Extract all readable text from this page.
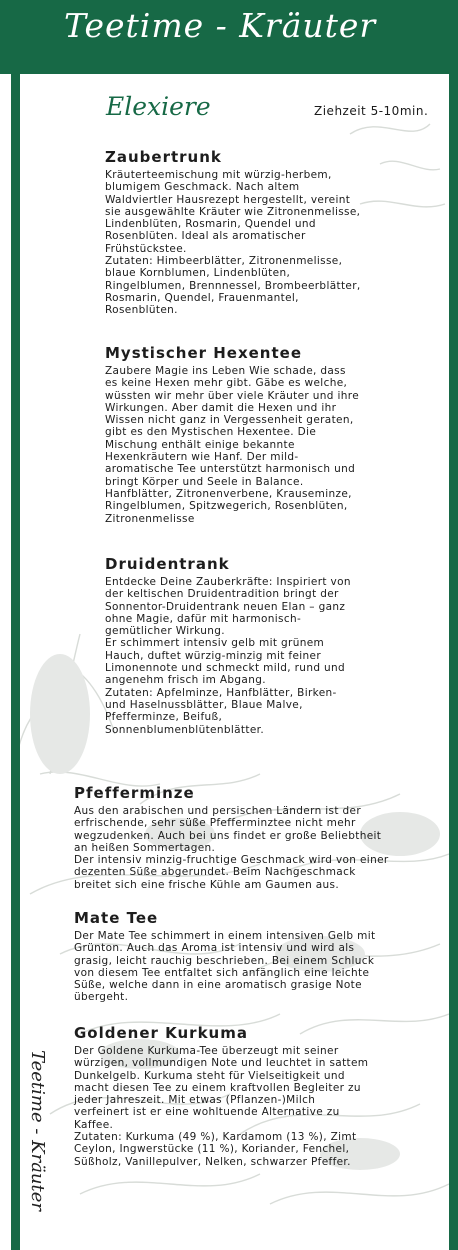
Teetime - Kräuter
Elexiere	Ziehzeit 5-10min.
Zaubertrunk

Kräuterteemischung mit würzig-herbem,
blumigem Geschmack. Nach altem
Waldviertler Hausrezept hergestellt, vereint
sie ausgewählte Kräuter wie Zitronenmelisse,
Lindenblüten, Rosmarin, Quendel und
Rosenblüten. Ideal als aromatischer
Frühstückstee.
Zutaten: Himbeerblätter, Zitronenmelisse,
blaue Kornblumen, Lindenblüten,
Ringelblumen, Brennnessel, Brombeerblätter,
Rosmarin, Quendel, Frauenmantel,
Rosenblüten.

Mystischer Hexentee

Zaubere Magie ins Leben Wie schade, dass
es keine Hexen mehr gibt. Gäbe es welche,
wüssten wir mehr über viele Kräuter und ihre
Wirkungen. Aber damit die Hexen und ihr
Wissen nicht ganz in Vergessenheit geraten,
gibt es den Mystischen Hexentee. Die
Mischung enthält einige bekannte
Hexenkräutern wie Hanf. Der mild-
aromatische Tee unterstützt harmonisch und
bringt Körper und Seele in Balance.
Hanfblätter, Zitronenverbene, Krauseminze,
Ringelblumen, Spitzwegerich, Rosenblüten,
Zitronenmelisse

Druidentrank

Entdecke Deine Zauberkräfte: Inspiriert von
der keltischen Druidentradition bringt der
Sonnentor-Druidentrank neuen Elan – ganz
ohne Magie, dafür mit harmonisch-
gemütlicher Wirkung.
Er schimmert intensiv gelb mit grünem
Hauch, duftet würzig-minzig mit feiner
Limonennote und schmeckt mild, rund und
angenehm frisch im Abgang.
Zutaten: Apfelminze, Hanfblätter, Birken-
und Haselnussblätter, Blaue Malve,
Pfefferminze, Beifuß,
Sonnenblumenblütenblätter.

Pfefferminze

Aus den arabischen und persischen Ländern ist der
erfrischende, sehr süße Pfefferminztee nicht mehr
wegzudenken. Auch bei uns findet er große Beliebtheit
an heißen Sommertagen.
Der intensiv minzig-fruchtige Geschmack wird von einer
dezenten Süße abgerundet. Beim Nachgeschmack
breitet sich eine frische Kühle am Gaumen aus.

Mate Tee

Der Mate Tee schimmert in einem intensiven Gelb mit
Grünton. Auch das Aroma ist intensiv und wird als
grasig, leicht rauchig beschrieben. Bei einem Schluck
von diesem Tee entfaltet sich anfänglich eine leichte
Süße, welche dann in eine aromatisch grasige Note
übergeht.

Goldener Kurkuma

Der Goldene Kurkuma-Tee überzeugt mit seiner
würzigen, vollmundigen Note und leuchtet in sattem
Dunkelgelb. Kurkuma steht für Vielseitigkeit und
macht diesen Tee zu einem kraftvollen Begleiter zu
jeder Jahreszeit. Mit etwas (Pflanzen-)Milch
verfeinert ist er eine wohltuende Alternative zu
Kaffee.
Zutaten: Kurkuma (49 %), Kardamom (13 %), Zimt
Ceylon, Ingwerstücke (11 %), Koriander, Fenchel,
Süßholz, Vanillepulver, Nelken, schwarzer Pfeffer.

Teetime - Kräuter
